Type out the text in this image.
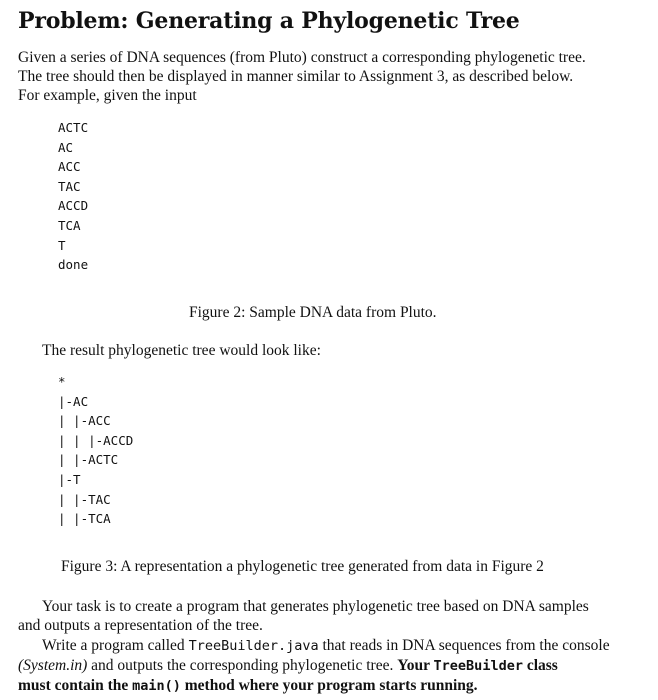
Problem: Generating a Phylogenetic Tree
Given a series of DNA sequences (from Pluto) construct a corresponding phylogenetic tree.
The tree should then be displayed in manner similar to Assignment 3, as described below.
For example, given the input
ACTC
AC
ACC
TAC
ACCD
TCA
T
done
Figure 2: Sample DNA data from Pluto.
The result phylogenetic tree would look like:
*
|-AC
| |-ACC
| | |-ACCD
| |-ACTC
|-T
| |-TAC
| |-TCA
Figure 3: A representation a phylogenetic tree generated from data in Figure 2
Your task is to create a program that generates phylogenetic tree based on DNA samples
and outputs a representation of the tree.
Write a program called TreeBuilder.java that reads in DNA sequences from the console
(System.in) and outputs the corresponding phylogenetic tree. Your TreeBuilder class
must contain the main() method where your program starts running.
